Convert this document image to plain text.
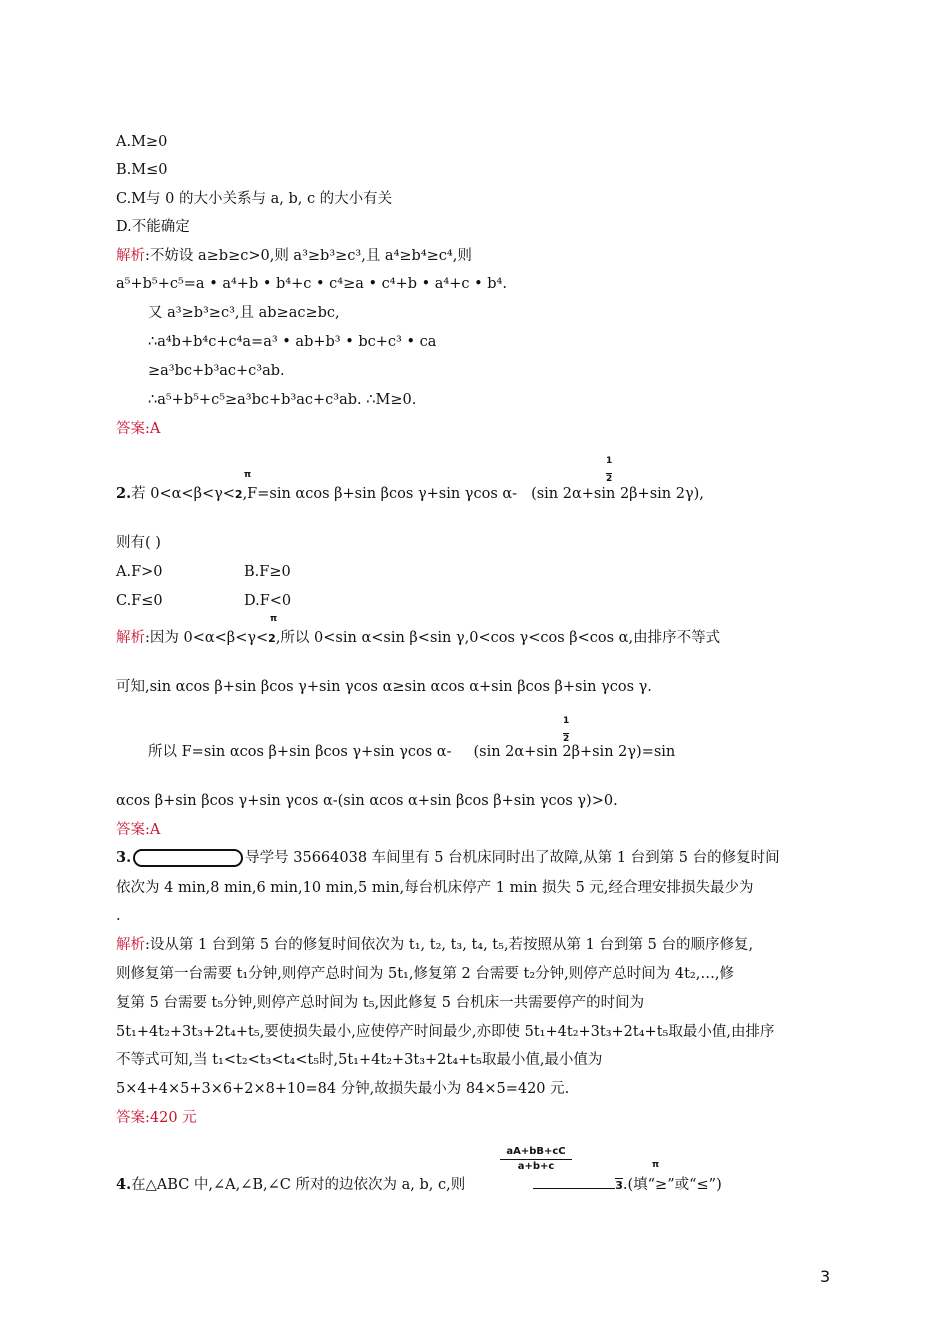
A.M≥0
B.M≤0
C.M与 0 的大小关系与 a, b, c 的大小有关
D.不能确定
解析:不妨设 a≥b≥c>0,则 a³≥b³≥c³,且 a⁴≥b⁴≥c⁴,则
a⁵+b⁵+c⁵=a • a⁴+b • b⁴+c • c⁴≥a • c⁴+b • a⁴+c • b⁴.
又 a³≥b³≥c³,且 ab≥ac≥bc,
∴a⁴b+b⁴c+c⁴a=a³ • ab+b³ • bc+c³ • ca
≥a³bc+b³ac+c³ab.
∴a⁵+b⁵+c⁵≥a³bc+b³ac+c³ab. ∴M≥0.
答案:A
π
1
2
2.若 0<α<β<γ<2,F=sin αcos β+sin βcos γ+sin γcos α- (sin 2α+sin 2β+sin 2γ),
则有( )
A.F>0	B.F≥0
C.F≤0	D.F<0
π
解析:因为 0<α<β<γ<2,所以 0<sin α<sin β<sin γ,0<cos γ<cos β<cos α,由排序不等式
可知,sin αcos β+sin βcos γ+sin γcos α≥sin αcos α+sin βcos β+sin γcos γ.
1
2
所以 F=sin αcos β+sin βcos γ+sin γcos α- (sin 2α+sin 2β+sin 2γ)=sin
αcos β+sin βcos γ+sin γcos α-(sin αcos α+sin βcos β+sin γcos γ)>0.
答案:A
3.	导学号 35664038 车间里有 5 台机床同时出了故障,从第 1 台到第 5 台的修复时间
依次为 4 min,8 min,6 min,10 min,5 min,每台机床停产 1 min 损失 5 元,经合理安排损失最少为
.
解析:设从第 1 台到第 5 台的修复时间依次为 t₁, t₂, t₃, t₄, t₅,若按照从第 1 台到第 5 台的顺序修复,
则修复第一台需要 t₁分钟,则停产总时间为 5t₁,修复第 2 台需要 t₂分钟,则停产总时间为 4t₂,…,修
复第 5 台需要 t₅分钟,则停产总时间为 t₅,因此修复 5 台机床一共需要停产的时间为
5t₁+4t₂+3t₃+2t₄+t₅,要使损失最小,应使停产时间最少,亦即使 5t₁+4t₂+3t₃+2t₄+t₅取最小值,由排序
不等式可知,当 t₁<t₂<t₃<t₄<t₅时,5t₁+4t₂+3t₃+2t₄+t₅取最小值,最小值为
5×4+4×5+3×6+2×8+10=84 分钟,故损失最小为 84×5=420 元.
答案:420 元
aA+bB+cC
a+b+c	π
4.在△ABC 中,∠A,∠B,∠C 所对的边依次为 a, b, c,则	3.(填“≥”或“≤”)
3
